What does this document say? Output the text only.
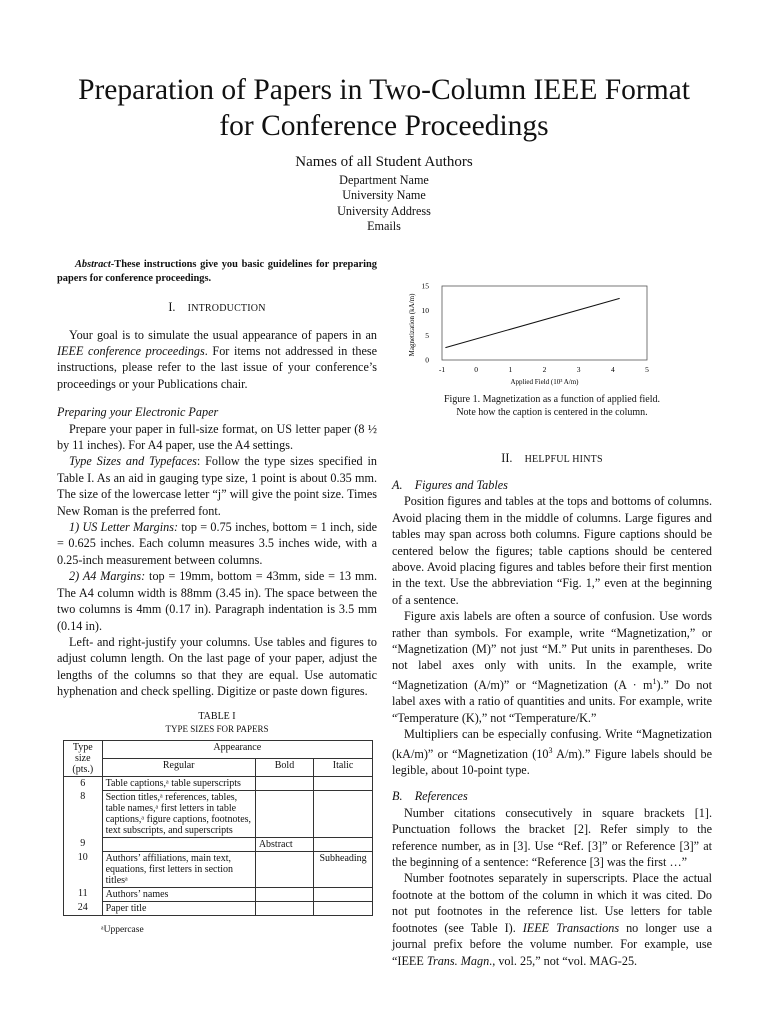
Preparation of Papers in Two-Column IEEE Format
for Conference Proceedings
Names of all Student Authors
Department Name
University Name
University Address
Emails

Abstract-These instructions give you basic guidelines for preparing papers for conference proceedings.

I. INTRODUCTION

Your goal is to simulate the usual appearance of papers in an IEEE conference proceedings. For items not addressed in these instructions, please refer to the last issue of your conference’s proceedings or your Publications chair.

Preparing your Electronic Paper

Prepare your paper in full-size format, on US letter paper (8 ½ by 11 inches). For A4 paper, use the A4 settings.

Type Sizes and Typefaces: Follow the type sizes specified in Table I. As an aid in gauging type size, 1 point is about 0.35 mm. The size of the lowercase letter “j” will give the point size. Times New Roman is the preferred font.

1) US Letter Margins: top = 0.75 inches, bottom = 1 inch, side = 0.625 inches. Each column measures 3.5 inches wide, with a 0.25-inch measurement between columns.

2) A4 Margins: top = 19mm, bottom = 43mm, side = 13 mm. The A4 column width is 88mm (3.45 in). The space between the two columns is 4mm (0.17 in). Paragraph indentation is 3.5 mm (0.14 in).

Left- and right-justify your columns. Use tables and figures to adjust column length. On the last page of your paper, adjust the lengths of the columns so that they are equal. Use automatic hyphenation and check spelling. Digitize or paste down figures.

TABLE I
TYPE SIZES FOR PAPERS
Type size (pts.)	Appearance		
	Regular	Bold	Italic
6	Table captions,ᵃ table superscripts		
8	Section titles,ᵃ references, tables, table names,ᵃ first letters in table captions,ᵃ figure captions, footnotes, text subscripts, and superscripts		
9		Abstract	
10	Authors’ affiliations, main text, equations, first letters in section titlesᵃ		Subheading
11	Authors’ names		
24	Paper title		
ᵃUppercase
-1	0	1	2	3	4	5
0
5
10
15
Applied Field (10³ A/m)
Magnetization (kA/m)
Figure 1. Magnetization as a function of applied field.
Note how the caption is centered in the column.
II. HELPFUL HINTS
A. Figures and Tables

Position figures and tables at the tops and bottoms of columns. Avoid placing them in the middle of columns. Large figures and tables may span across both columns. Figure captions should be centered below the figures; table captions should be centered above. Avoid placing figures and tables before their first mention in the text. Use the abbreviation “Fig. 1,” even at the beginning of a sentence.

Figure axis labels are often a source of confusion. Use words rather than symbols. For example, write “Magnetization,” or “Magnetization (M)” not just “M.” Put units in parentheses. Do not label axes only with units. In the example, write “Magnetization (A/m)” or “Magnetization $(A \cdot m^1)$.” Do not label axes with a ratio of quantities and units. For example, write “Temperature (K),” not “Temperature/K.”

Multipliers can be especially confusing. Write “Magnetization (kA/m)” or “Magnetization ($10^3$ A/m).” Figure labels should be legible, about 10-point type.

B. References

Number citations consecutively in square brackets [1]. Punctuation follows the bracket [2]. Refer simply to the reference number, as in [3]. Use “Ref. [3]” or Reference [3]” at the beginning of a sentence: “Reference [3] was the first …”

Number footnotes separately in superscripts. Place the actual footnote at the bottom of the column in which it was cited. Do not put footnotes in the reference list. Use letters for table footnotes (see Table I). IEEE Transactions no longer use a journal prefix before the volume number. For example, use “IEEE Trans. Magn., vol. 25,” not “vol. MAG-25.
